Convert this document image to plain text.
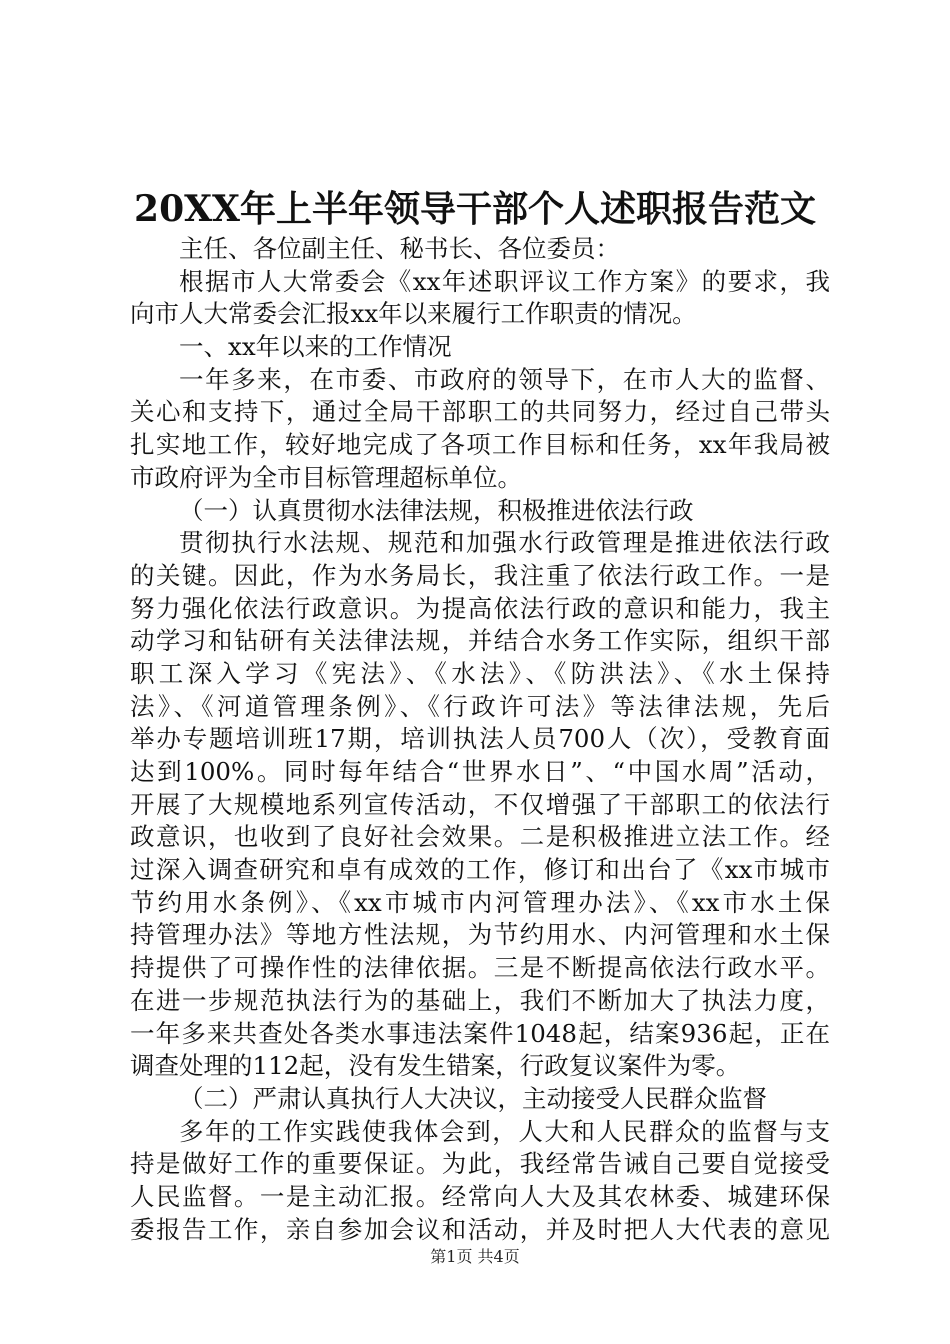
20XX年上半年领导干部个人述职报告范文
主任、各位副主任、秘书长、各位委员：
根据市人大常委会《xx年述职评议工作方案》的要求，我
向市人大常委会汇报xx年以来履行工作职责的情况。
一、xx年以来的工作情况
一年多来，在市委、市政府的领导下，在市人大的监督、
关心和支持下，通过全局干部职工的共同努力，经过自己带头
扎实地工作，较好地完成了各项工作目标和任务，xx年我局被
市政府评为全市目标管理超标单位。
（一）认真贯彻水法律法规，积极推进依法行政
贯彻执行水法规、规范和加强水行政管理是推进依法行政
的关键。因此，作为水务局长，我注重了依法行政工作。一是
努力强化依法行政意识。为提高依法行政的意识和能力，我主
动学习和钻研有关法律法规，并结合水务工作实际，组织干部
职工深入学习《宪法》、《水法》、《防洪法》、《水土保持
法》、《河道管理条例》、《行政许可法》等法律法规，先后
举办专题培训班17期，培训执法人员700人（次），受教育面
达到100%。同时每年结合“世界水日”、“中国水周”活动，
开展了大规模地系列宣传活动，不仅增强了干部职工的依法行
政意识，也收到了良好社会效果。二是积极推进立法工作。经
过深入调查研究和卓有成效的工作，修订和出台了《xx市城市
节约用水条例》、《xx市城市内河管理办法》、《xx市水土保
持管理办法》等地方性法规，为节约用水、内河管理和水土保
持提供了可操作性的法律依据。三是不断提高依法行政水平。
在进一步规范执法行为的基础上，我们不断加大了执法力度，
一年多来共查处各类水事违法案件1048起，结案936起，正在
调查处理的112起，没有发生错案，行政复议案件为零。
（二）严肃认真执行人大决议，主动接受人民群众监督
多年的工作实践使我体会到，人大和人民群众的监督与支
持是做好工作的重要保证。为此，我经常告诫自己要自觉接受
人民监督。一是主动汇报。经常向人大及其农林委、城建环保
委报告工作，亲自参加会议和活动，并及时把人大代表的意见
第1页 共4页
